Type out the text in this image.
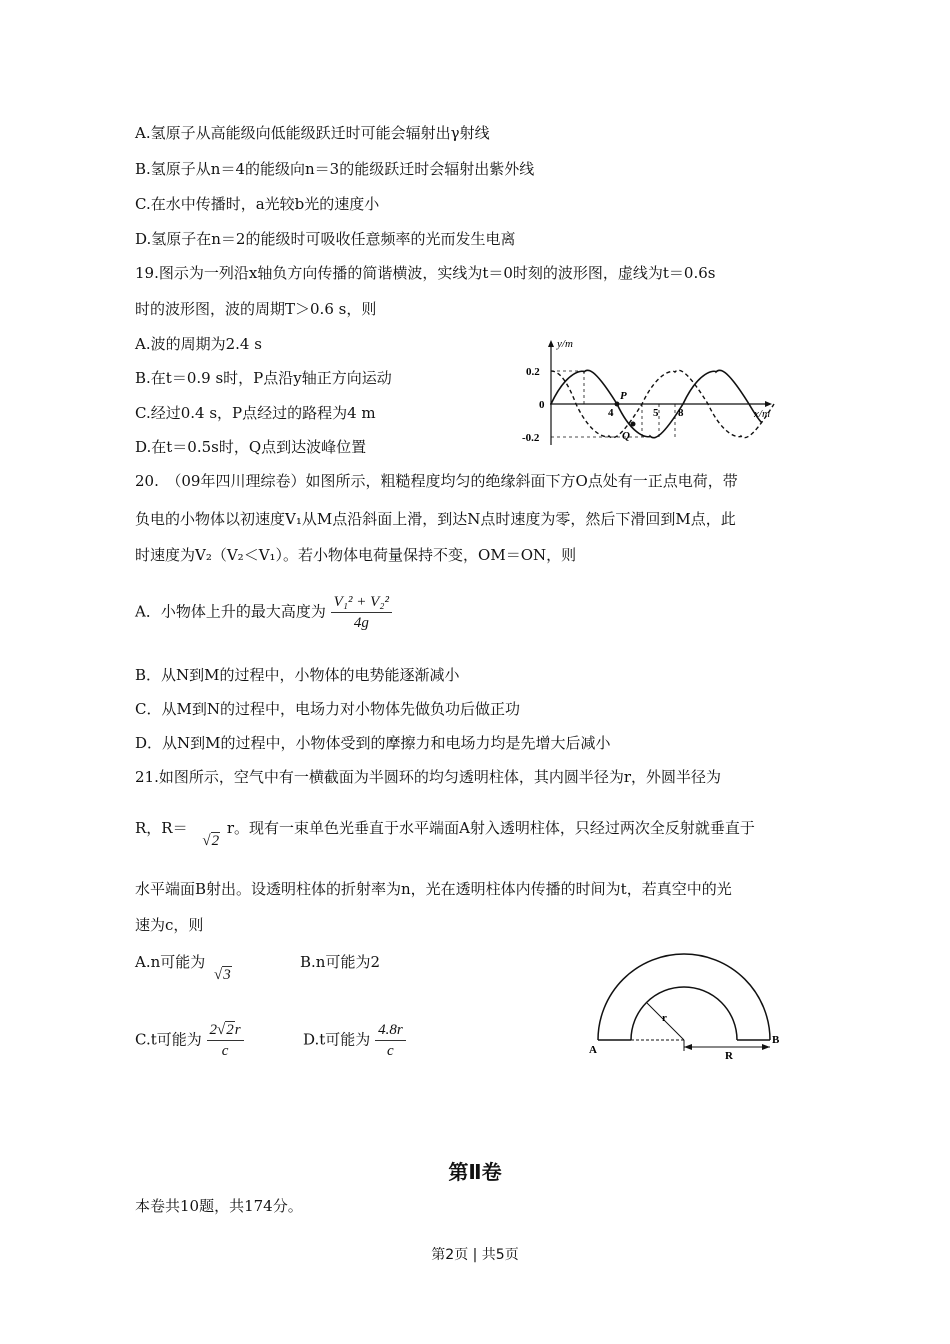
A.氢原子从高能级向低能级跃迁时可能会辐射出γ射线
B.氢原子从n＝4的能级向n＝3的能级跃迁时会辐射出紫外线
C.在水中传播时，a光较b光的速度小
D.氢原子在n＝2的能级时可吸收任意频率的光而发生电离
19.图示为一列沿x轴负方向传播的简谐横波，实线为t＝0时刻的波形图，虚线为t＝0.6s
时的波形图，波的周期T＞0.6 s，则
A.波的周期为2.4 s
B.在t＝0.9 s时，P点沿y轴正方向运动
C.经过0.4 s，P点经过的路程为4 m
D.在t＝0.5s时，Q点到达波峰位置
y/m
x/m
0.2
-0.2
0
4	5 8
P
Q
20.　（09年四川理综卷）如图所示，粗糙程度均匀的绝缘斜面下方O点处有一正点电荷，带
负电的小物体以初速度V₁从M点沿斜面上滑，到达N点时速度为零，然后下滑回到M点，此
时速度为V₂（V₂＜V₁）。若小物体电荷量保持不变，OM＝ON，则
A．小物体上升的最大高度为 $\frac{\text{V₁² + V₂²}}{4g}$
B．从N到M的过程中，小物体的电势能逐渐减小
C．从M到N的过程中，电场力对小物体先做负功后做正功
D．从N到M的过程中，小物体受到的摩擦力和电场力均是先增大后减小
21.如图所示，空气中有一横截面为半圆环的均匀透明柱体，其内圆半径为r，外圆半径为
R，R＝ √2 r。现有一束单色光垂直于水平端面A射入透明柱体，只经过两次全反射就垂直于
水平端面B射出。设透明柱体的折射率为n，光在透明柱体内传播的时间为t，若真空中的光
速为c，则
A.n可能为 √3
B.n可能为2
C.t可能为 $\frac{2√2r}{c}$	D.t可能为 $\frac{4.8r}{c}$	A
B
r
R
第Ⅱ卷
本卷共10题，共174分。
第2页 | 共5页
